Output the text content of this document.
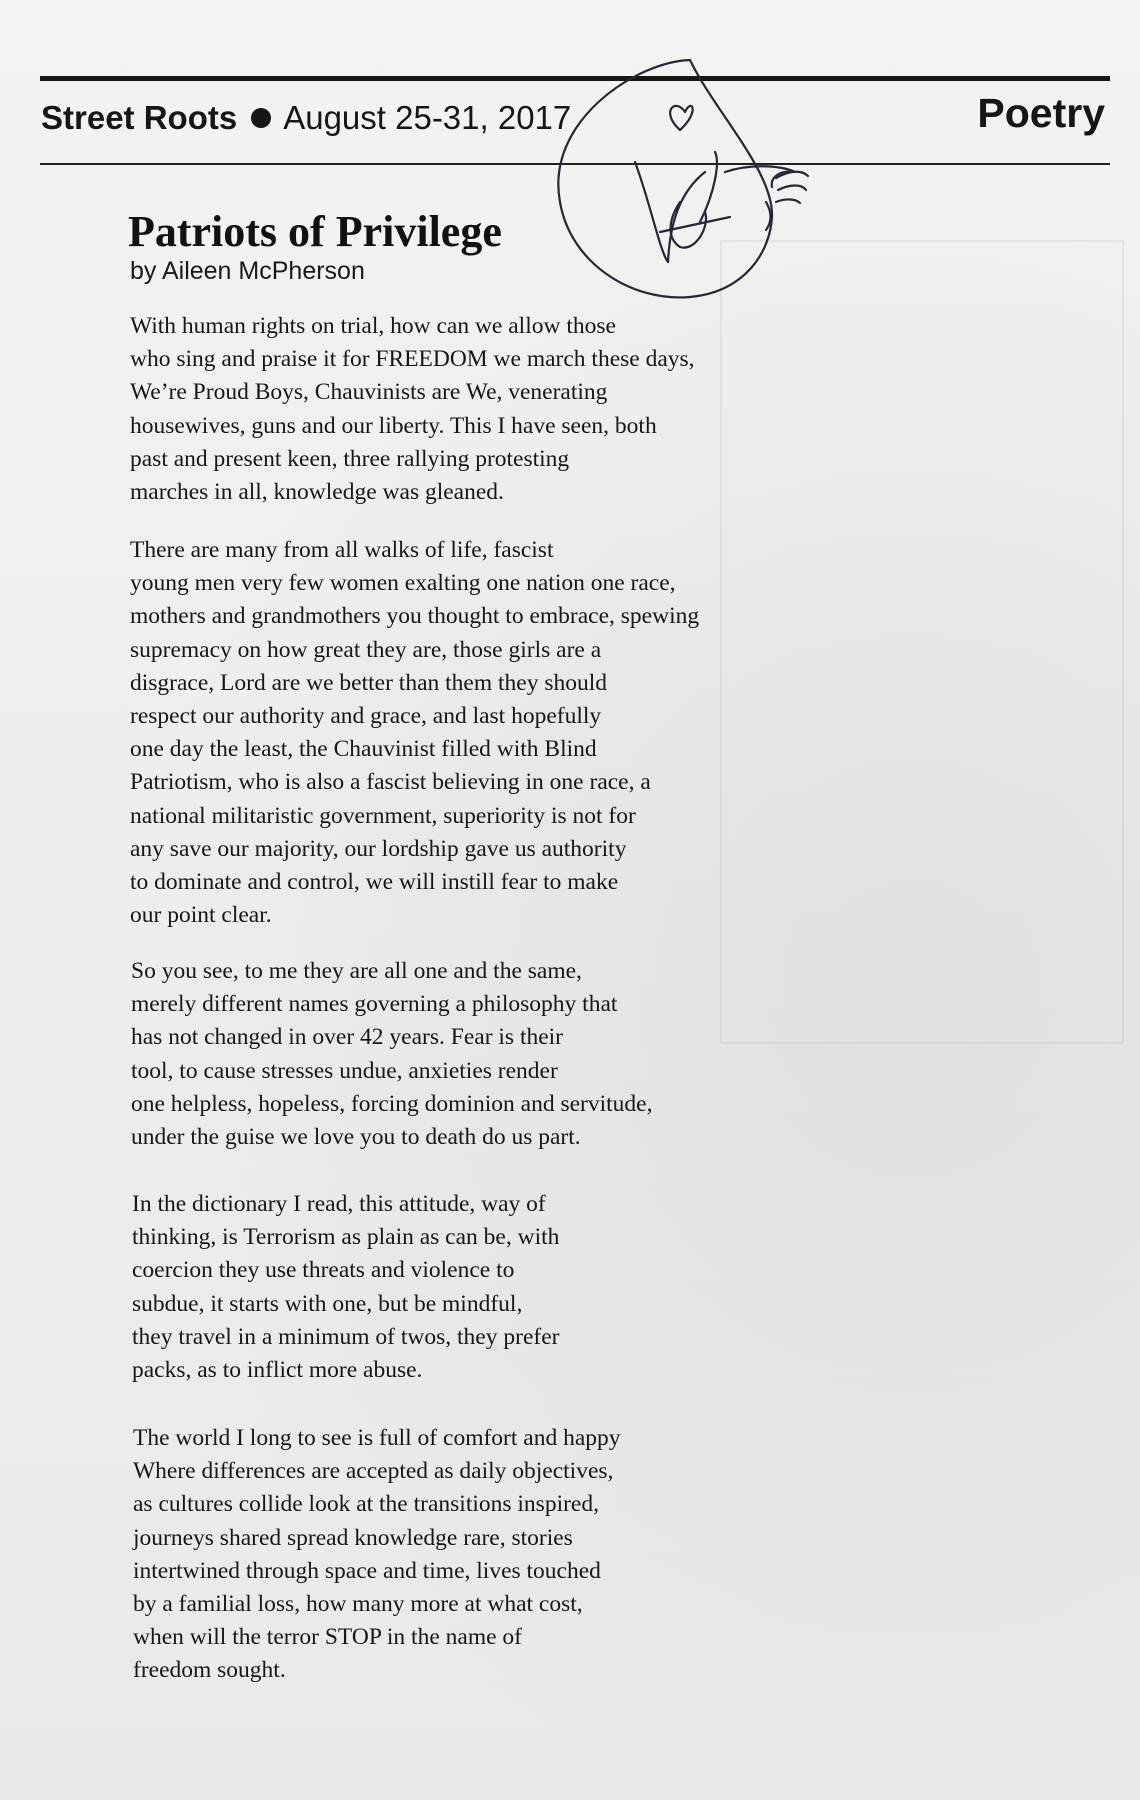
Street Roots August 25-31, 2017	Poetry
Patriots of Privilege
by Aileen McPherson
With human rights on trial, how can we allow those
who sing and praise it for FREEDOM we march these days,
We’re Proud Boys, Chauvinists are We, venerating
housewives, guns and our liberty. This I have seen, both
past and present keen, three rallying protesting
marches in all, knowledge was gleaned.
There are many from all walks of life, fascist
young men very few women exalting one nation one race,
mothers and grandmothers you thought to embrace, spewing
supremacy on how great they are, those girls are a
disgrace, Lord are we better than them they should
respect our authority and grace, and last hopefully
one day the least, the Chauvinist filled with Blind
Patriotism, who is also a fascist believing in one race, a
national militaristic government, superiority is not for
any save our majority, our lordship gave us authority
to dominate and control, we will instill fear to make
our point clear.
So you see, to me they are all one and the same,
merely different names governing a philosophy that
has not changed in over 42 years. Fear is their
tool, to cause stresses undue, anxieties render
one helpless, hopeless, forcing dominion and servitude,
under the guise we love you to death do us part.
In the dictionary I read, this attitude, way of
thinking, is Terrorism as plain as can be, with
coercion they use threats and violence to
subdue, it starts with one, but be mindful,
they travel in a minimum of twos, they prefer
packs, as to inflict more abuse.
The world I long to see is full of comfort and happy
Where differences are accepted as daily objectives,
as cultures collide look at the transitions inspired,
journeys shared spread knowledge rare, stories
intertwined through space and time, lives touched
by a familial loss, how many more at what cost,
when will the terror STOP in the name of
freedom sought.
